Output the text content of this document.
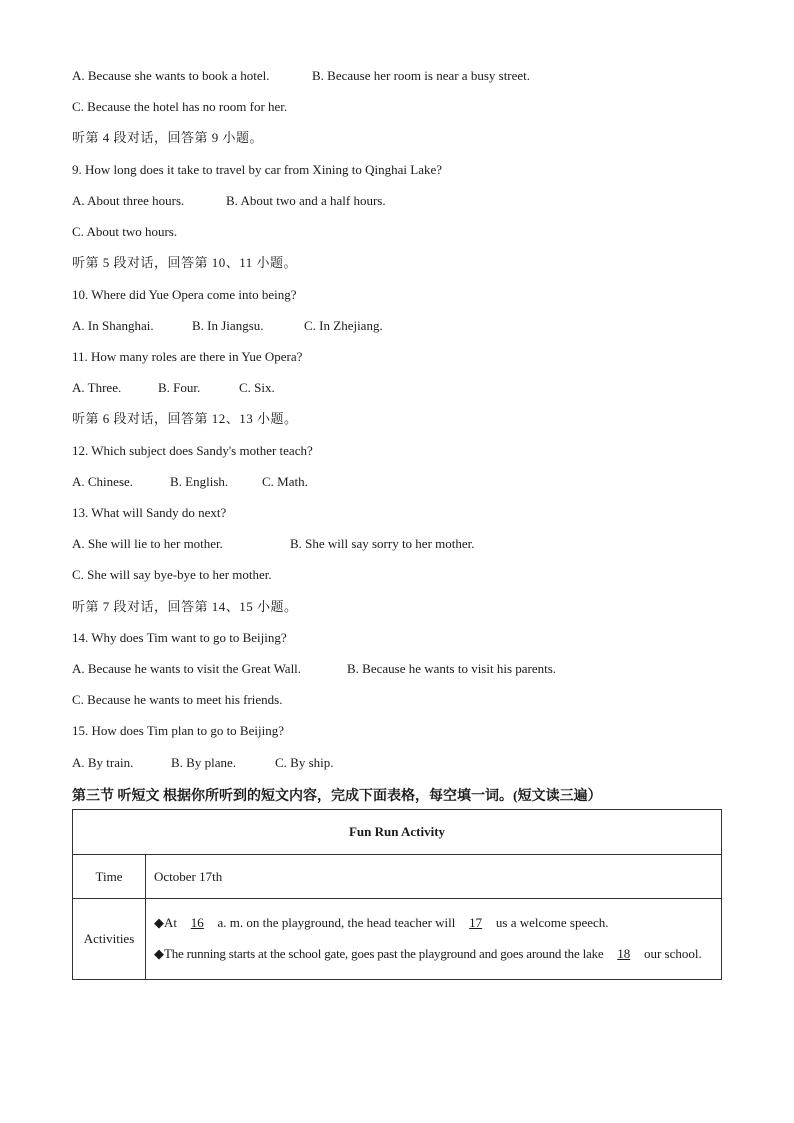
A. Because she wants to book a hotel.	B. Because her room is near a busy street.
C. Because the hotel has no room for her.
听第 4 段对话，回答第 9 小题。
9. How long does it take to travel by car from Xining to Qinghai Lake?
A. About three hours.	B. About two and a half hours.
C. About two hours.
听第 5 段对话，回答第 10、11 小题。
10. Where did Yue Opera come into being?
A. In Shanghai.	B. In Jiangsu.	C. In Zhejiang.
11. How many roles are there in Yue Opera?
A. Three.	B. Four.	C. Six.
听第 6 段对话，回答第 12、13 小题。
12. Which subject does Sandy's mother teach?
A. Chinese.	B. English.	C. Math.
13. What will Sandy do next?
A. She will lie to her mother.	B. She will say sorry to her mother.
C. She will say bye-bye to her mother.
听第 7 段对话，回答第 14、15 小题。
14. Why does Tim want to go to Beijing?
A. Because he wants to visit the Great Wall.	B. Because he wants to visit his parents.
C. Because he wants to meet his friends.
15. How does Tim plan to go to Beijing?
A. By train.	B. By plane.	C. By ship.
第三节 听短文 根据你所听到的短文内容，完成下面表格，每空填一词。(短文读三遍）
Fun Run Activity	
Time	October 17th
Activities	◆At 16 a. m. on the playground, the head teacher will 17 us a welcome speech.
◆The running starts at the school gate, goes past the playground and goes around the lake 18 our school.
